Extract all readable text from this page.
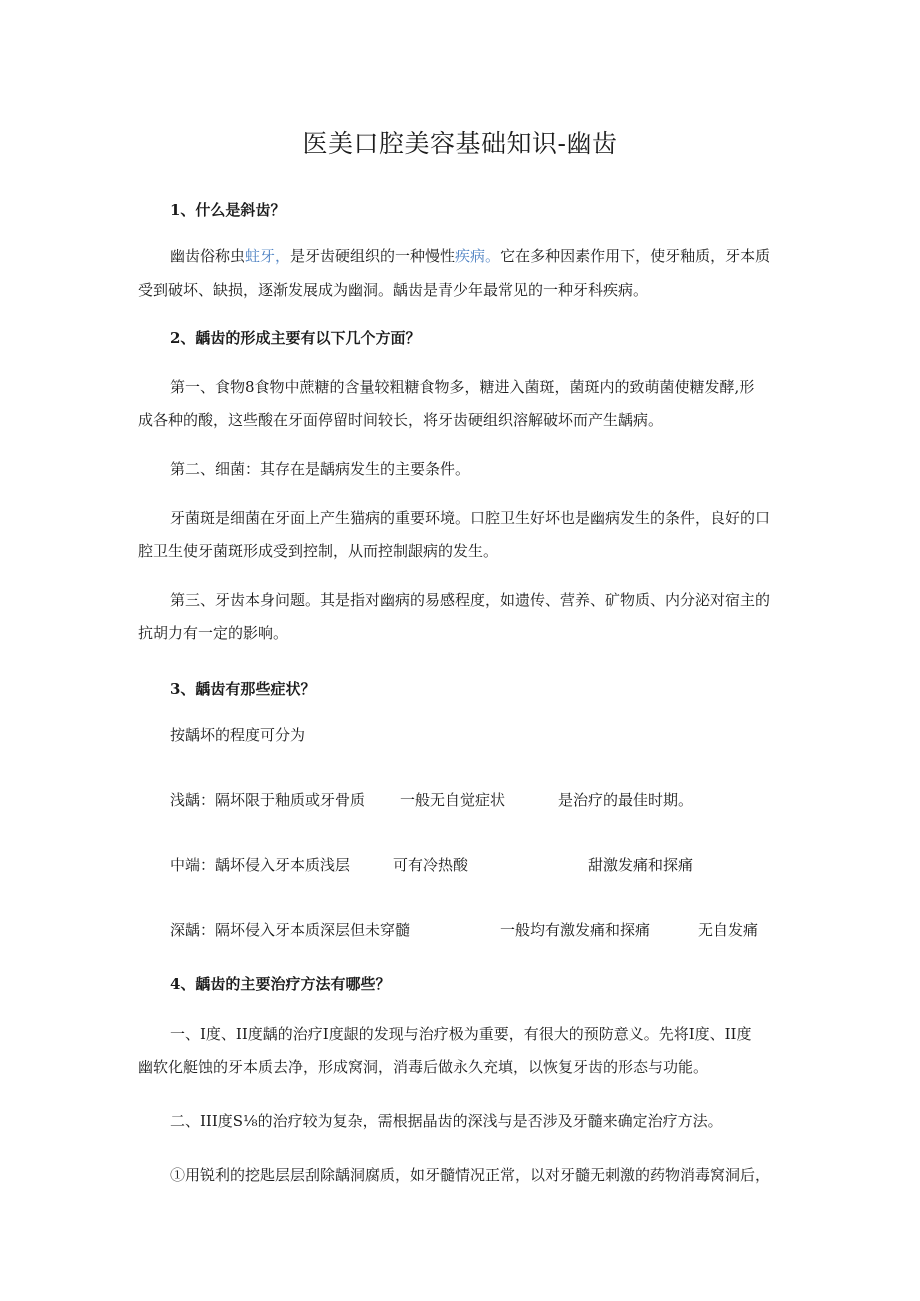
医美口腔美容基础知识-幽齿

1、什么是斜齿？

幽齿俗称虫蛀牙，是牙齿硬组织的一种慢性疾病。它在多种因素作用下，使牙釉质，牙本质

受到破坏、缺损，逐渐发展成为幽洞。龋齿是青少年最常见的一种牙科疾病。

2、龋齿的形成主要有以下几个方面？

第一、食物8食物中蔗糖的含量较粗糖食物多，糖进入菌斑，菌斑内的致萌菌使糖发酵,形

成各种的酸，这些酸在牙面停留时间较长，将牙齿硬组织溶解破坏而产生龋病。

第二、细菌：其存在是龋病发生的主要条件。

牙菌斑是细菌在牙面上产生猫病的重要环境。口腔卫生好坏也是幽病发生的条件，良好的口

腔卫生使牙菌斑形成受到控制，从而控制龈病的发生。

第三、牙齿本身问题。其是指对幽病的易感程度，如遗传、营养、矿物质、内分泌对宿主的

抗胡力有一定的影响。

3、龋齿有那些症状？

按龋坏的程度可分为

浅龋：隔坏限于釉质或牙骨质 一般无自觉症状	是治疗的最佳时期。

中端：龋坏侵入牙本质浅层	可有冷热酸	甜激发痛和探痛

深龋：隔坏侵入牙本质深层但未穿髓	一般均有激发痛和探痛	无自发痛

4、龋齿的主要治疗方法有哪些？

一、I度、II度龋的治疗I度龈的发现与治疗极为重要，有很大的预防意义。先将I度、II度

幽软化艇蚀的牙本质去净，形成窝洞，消毒后做永久充填，以恢复牙齿的形态与功能。

二、III度S⅛的治疗较为复杂，需根据晶齿的深浅与是否涉及牙髓来确定治疗方法。

①用锐利的挖匙层层刮除龋洞腐质，如牙髓情况正常，以对牙髓无刺激的药物消毒窝洞后，
